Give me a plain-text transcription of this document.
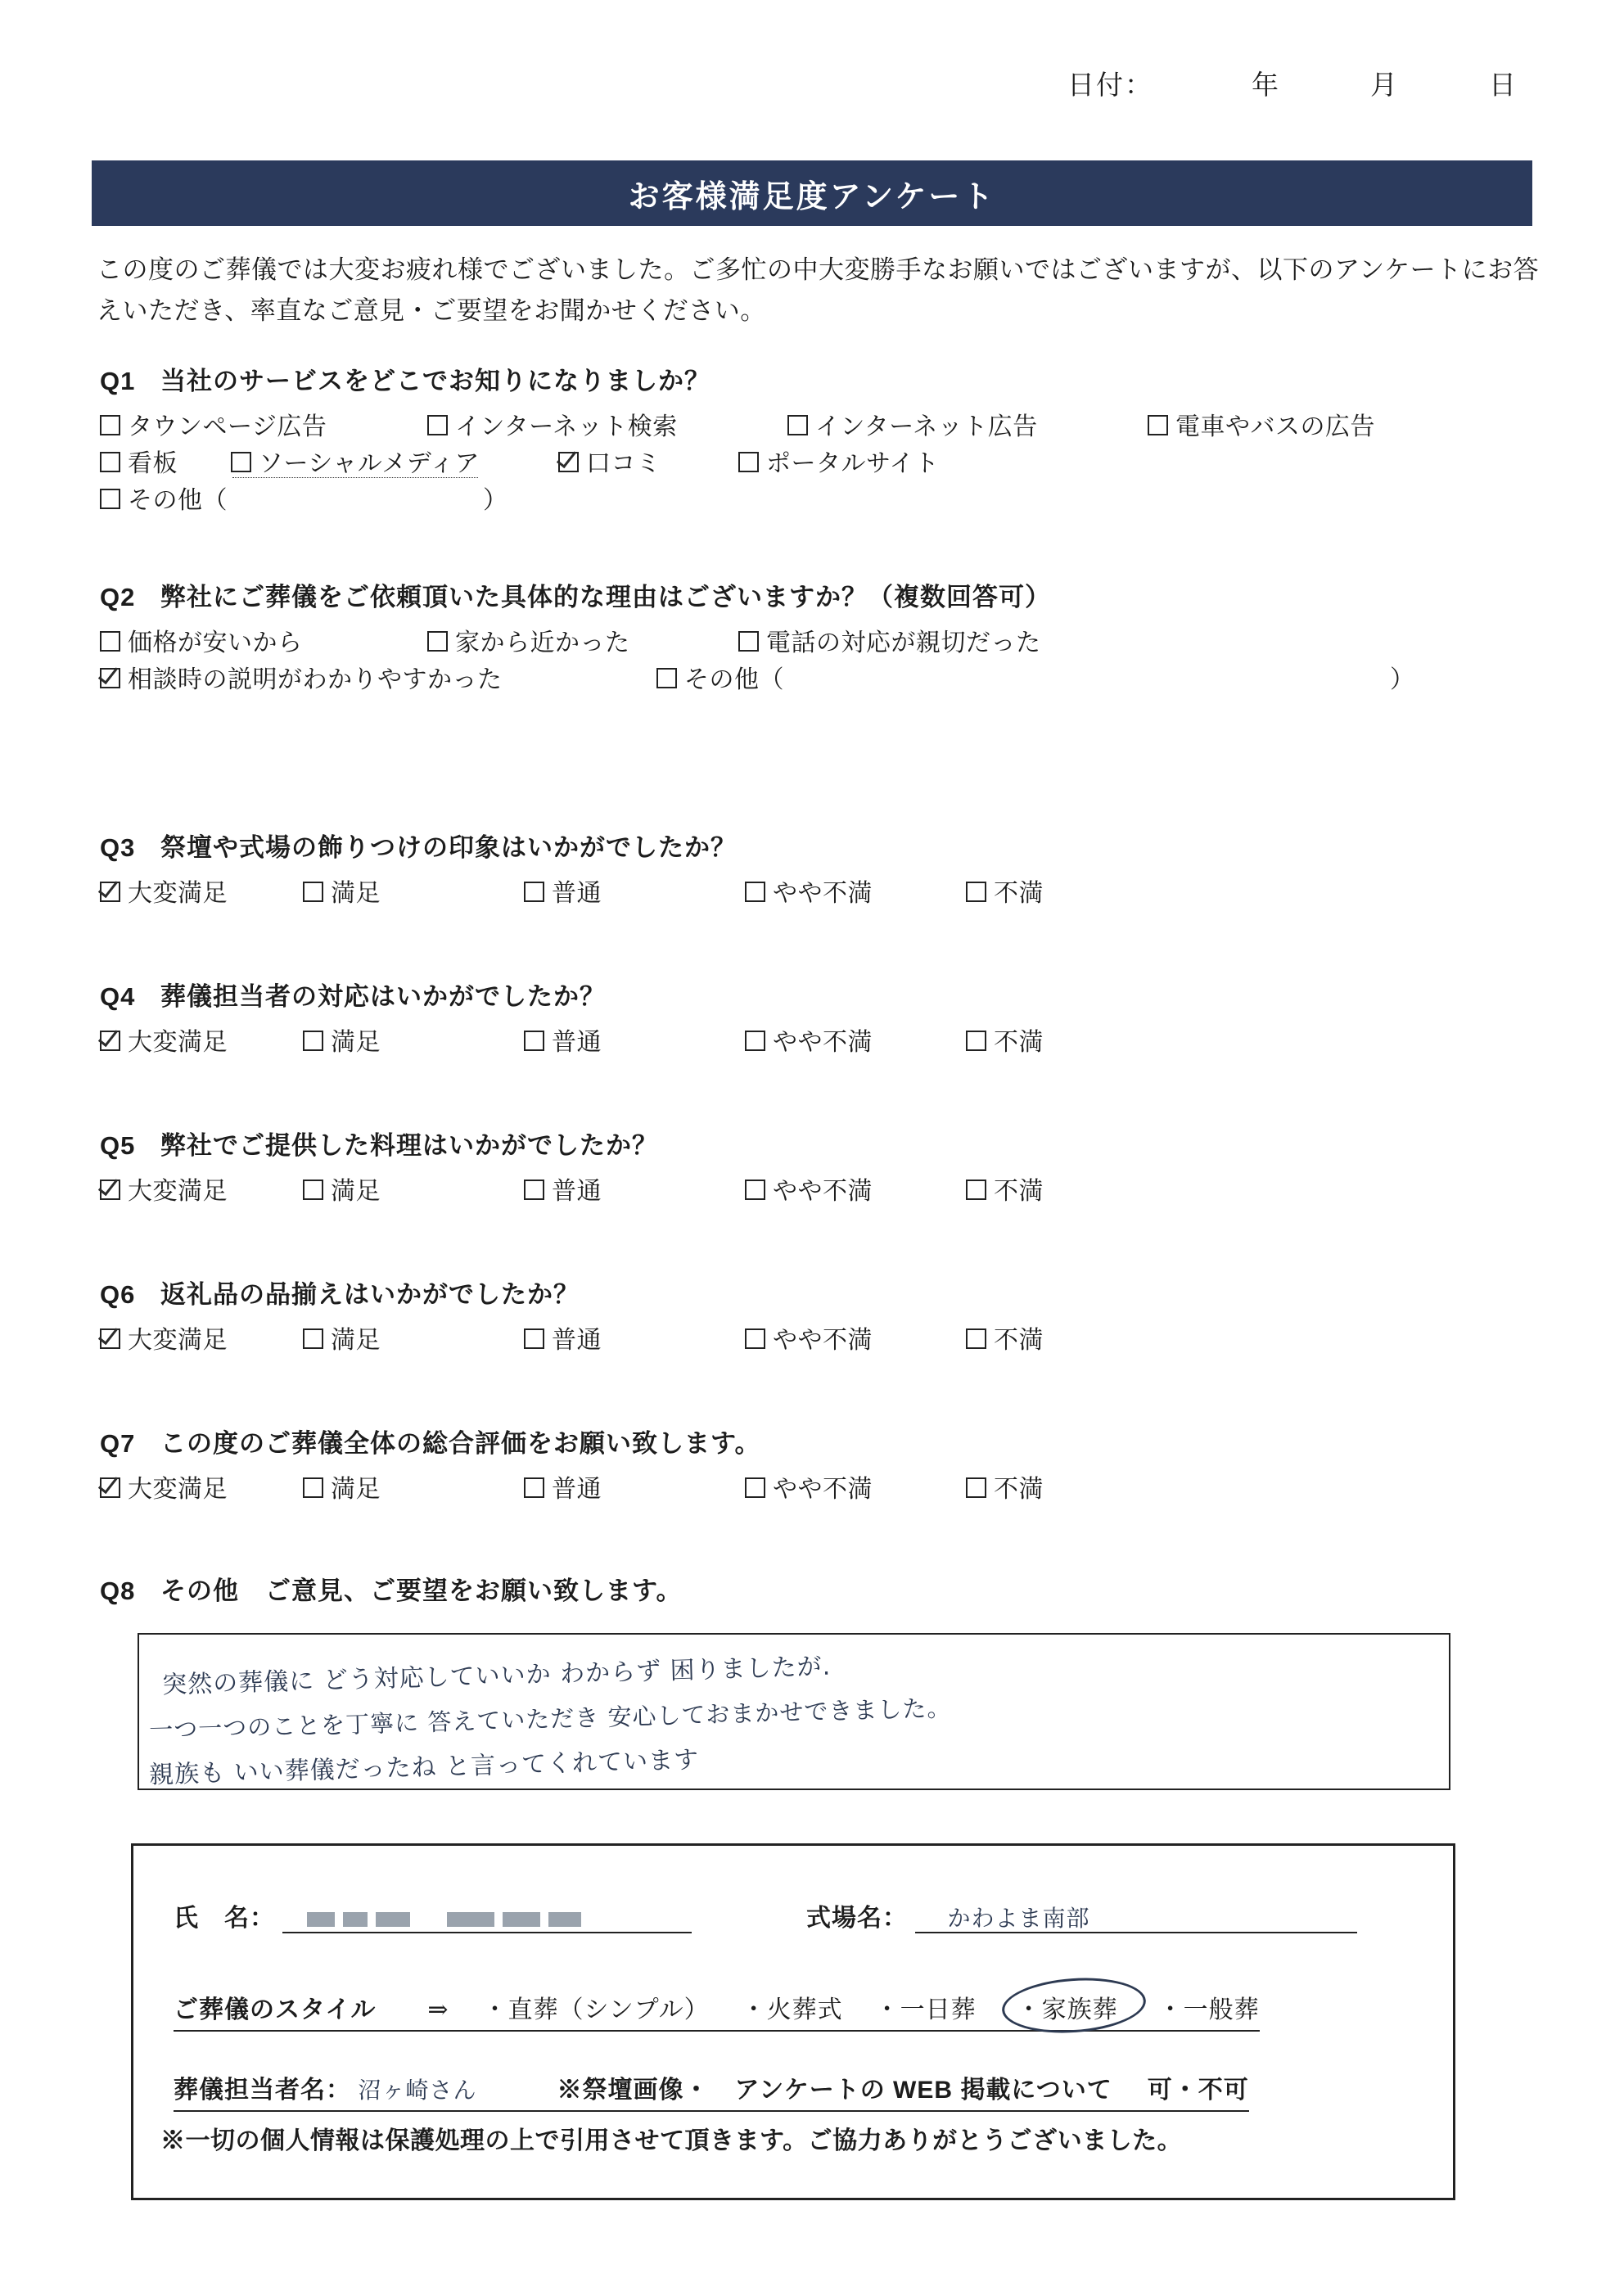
日付：	年	月	日
お客様満足度アンケート
この度のご葬儀では大変お疲れ様でございました。ご多忙の中大変勝手なお願いではございますが、以下のアンケートにお答えいただき、率直なご意見・ご要望をお聞かせください。
Q1 当社のサービスをどこでお知りになりましか？
タウンページ広告	インターネット検索	インターネット広告	電車やバスの広告
看板	ソーシャルメディア	口コミ	ポータルサイト
その他（	）
Q2 弊社にご葬儀をご依頼頂いた具体的な理由はございますか？（複数回答可）
価格が安いから	家から近かった	電話の対応が親切だった
相談時の説明がわかりやすかった	その他（	）
Q3 祭壇や式場の飾りつけの印象はいかがでしたか？
大変満足	満足	普通	やや不満	不満
Q4 葬儀担当者の対応はいかがでしたか？
大変満足	満足	普通	やや不満	不満
Q5 弊社でご提供した料理はいかがでしたか？
大変満足	満足	普通	やや不満	不満
Q6 返礼品の品揃えはいかがでしたか？
大変満足	満足	普通	やや不満	不満
Q7 この度のご葬儀全体の総合評価をお願い致します。
大変満足	満足	普通	やや不満	不満
Q8 その他　ご意見、ご要望をお願い致します。
突然の葬儀に どう対応していいか わからず 困りましたが.
一つ一つのことを丁寧に 答えていただき 安心しておまかせできました。
親族も いい葬儀だったね と言ってくれています
氏　名：	式場名： かわよま南部
ご葬儀のスタイル ⇒ ・直葬（シンプル） ・火葬式 ・一日葬 ・家族葬 ・一般葬
葬儀担当者名： 沼ヶ崎さん	※祭壇画像・　アンケートの WEB 掲載について 可・不可
※一切の個人情報は保護処理の上で引用させて頂きます。ご協力ありがとうございました。
